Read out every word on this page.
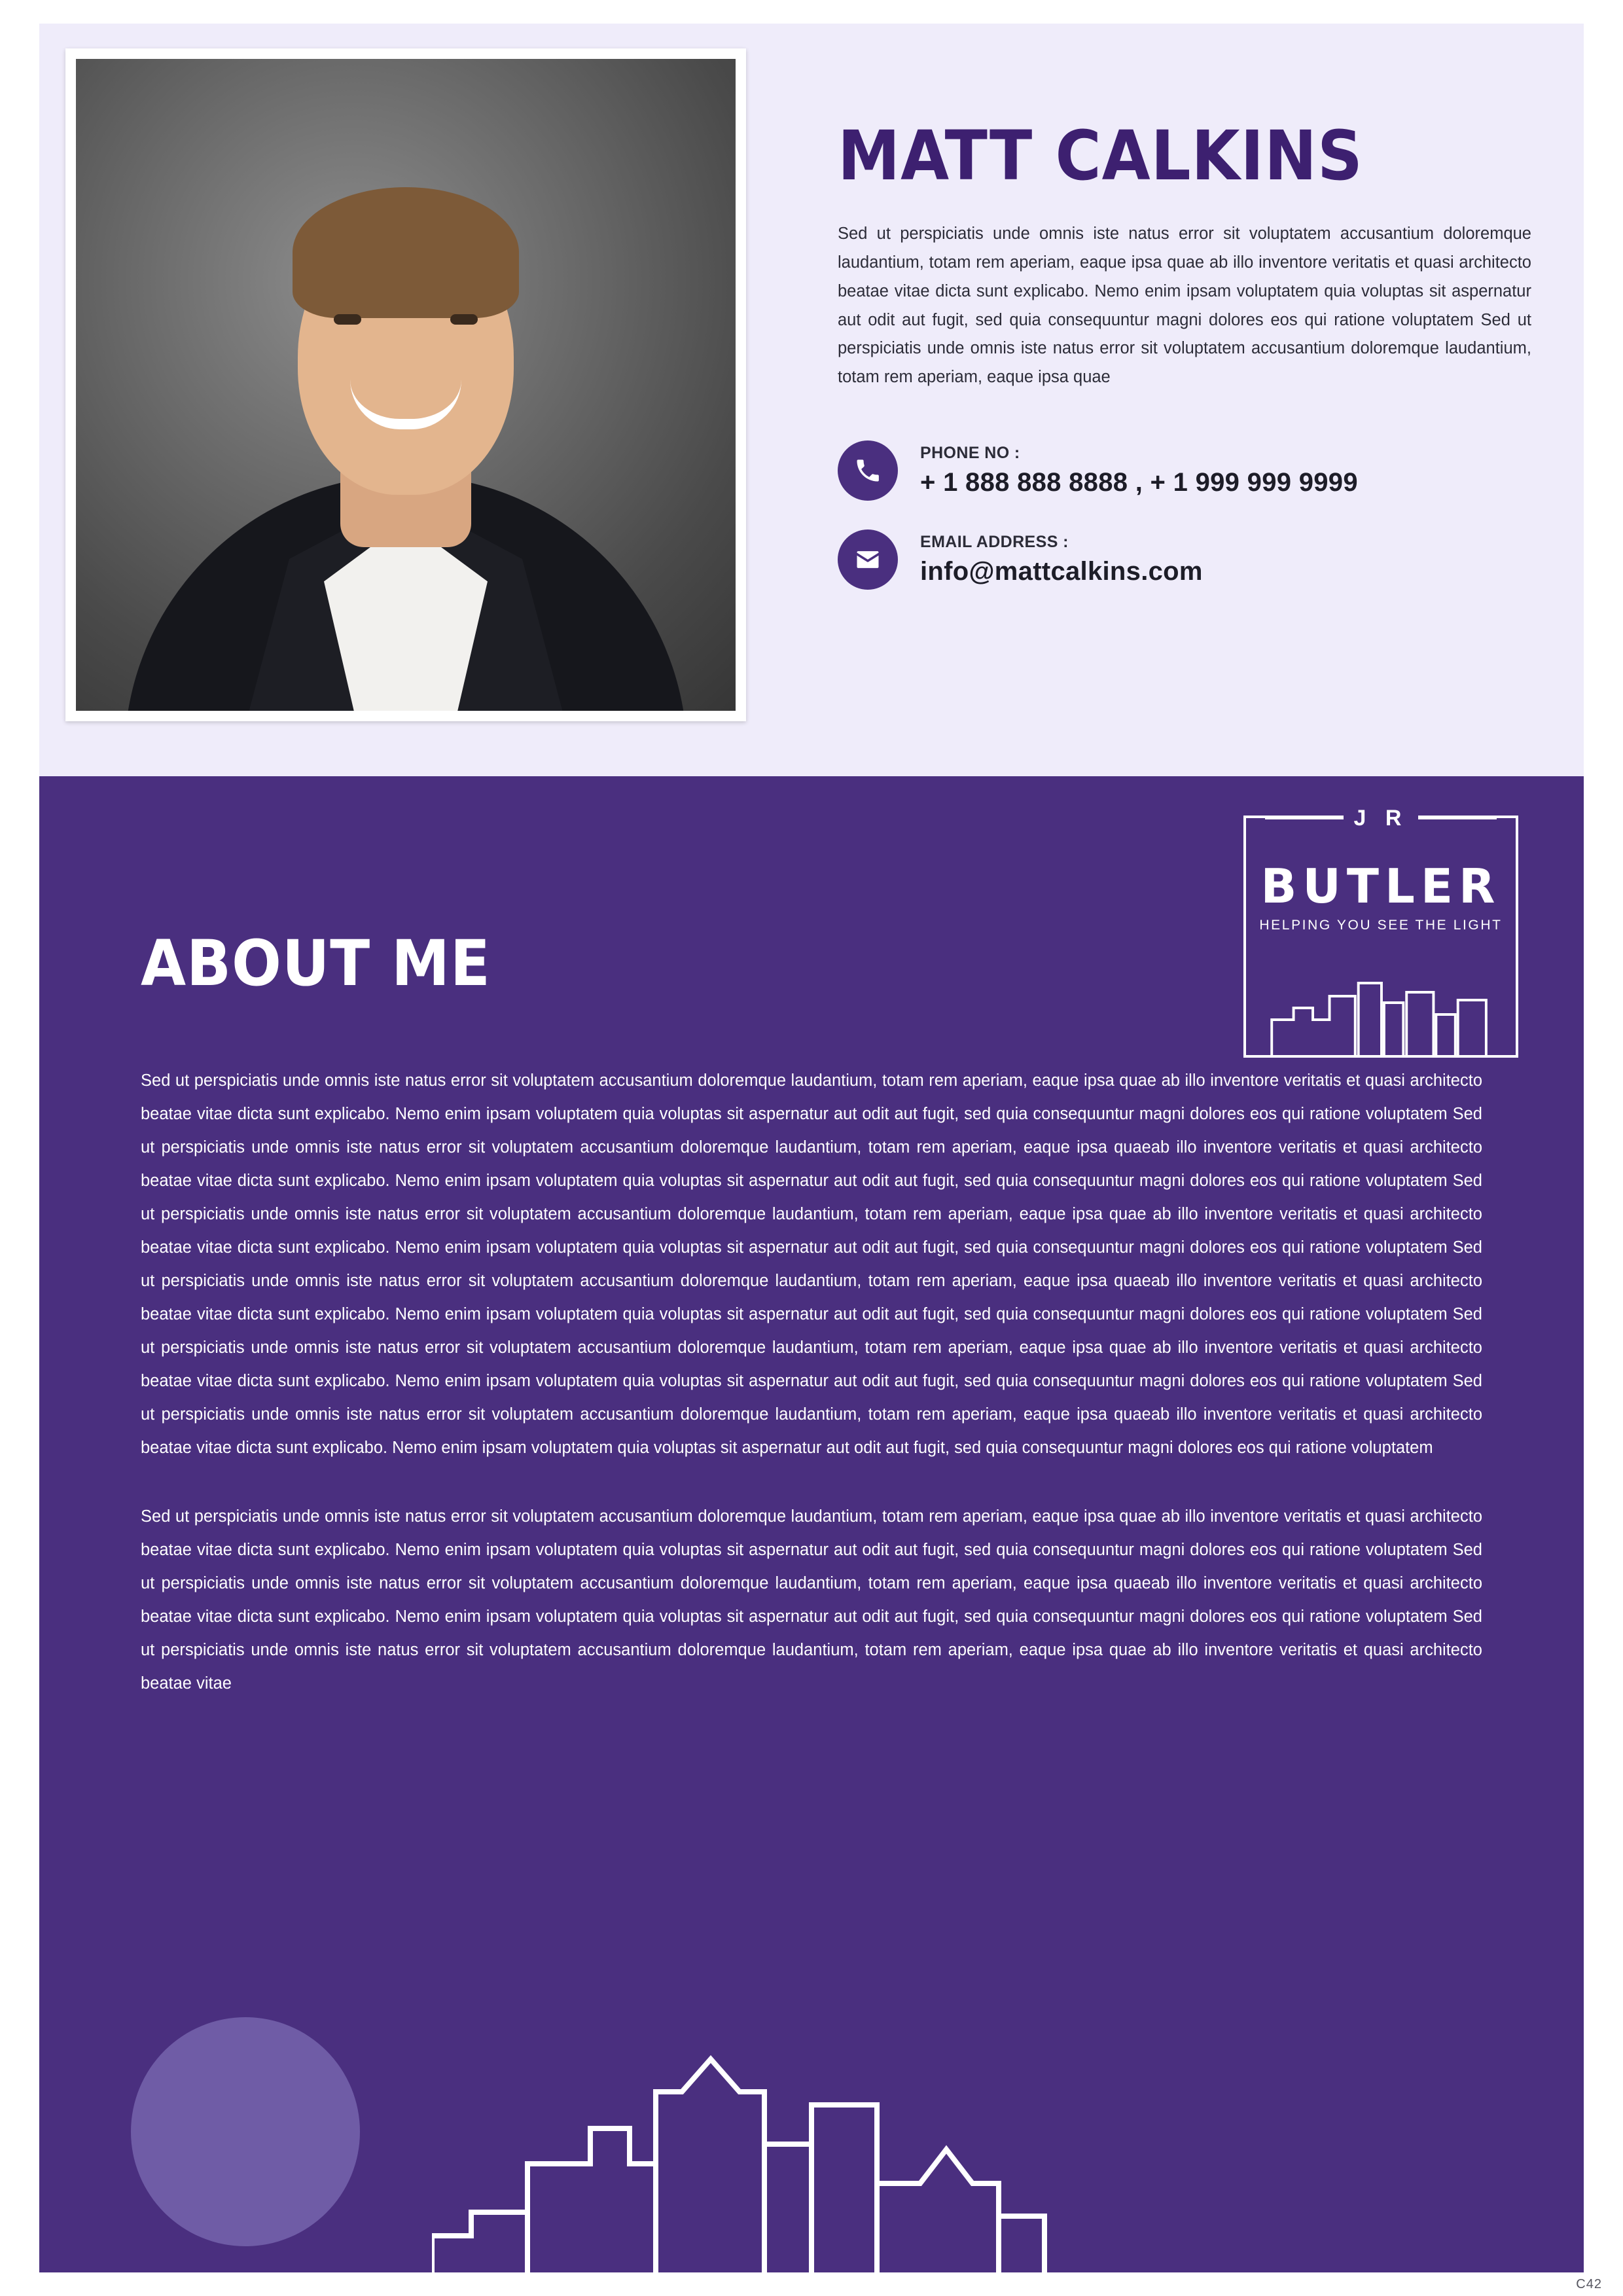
MATT CALKINS

Sed ut perspiciatis unde omnis iste natus error sit voluptatem accusantium doloremque laudantium, totam rem aperiam, eaque ipsa quae ab illo inventore veritatis et quasi architecto beatae vitae dicta sunt explicabo. Nemo enim ipsam voluptatem quia voluptas sit aspernatur aut odit aut fugit, sed quia consequuntur magni dolores eos qui ratione voluptatem Sed ut perspiciatis unde omnis iste natus error sit voluptatem accusantium doloremque laudantium, totam rem aperiam, eaque ipsa quae

PHONE NO :
+ 1 888 888 8888 , + 1 999 999 9999
EMAIL ADDRESS :
info@mattcalkins.com
ABOUT ME
J R
BUTLER
HELPING YOU SEE THE LIGHT

Sed ut perspiciatis unde omnis iste natus error sit voluptatem accusantium doloremque laudantium, totam rem aperiam, eaque ipsa quae ab illo inventore veritatis et quasi architecto beatae vitae dicta sunt explicabo. Nemo enim ipsam voluptatem quia voluptas sit aspernatur aut odit aut fugit, sed quia consequuntur magni dolores eos qui ratione voluptatem Sed ut perspiciatis unde omnis iste natus error sit voluptatem accusantium doloremque laudantium, totam rem aperiam, eaque ipsa quaeab illo inventore veritatis et quasi architecto beatae vitae dicta sunt explicabo. Nemo enim ipsam voluptatem quia voluptas sit aspernatur aut odit aut fugit, sed quia consequuntur magni dolores eos qui ratione voluptatem Sed ut perspiciatis unde omnis iste natus error sit voluptatem accusantium doloremque laudantium, totam rem aperiam, eaque ipsa quae ab illo inventore veritatis et quasi architecto beatae vitae dicta sunt explicabo. Nemo enim ipsam voluptatem quia voluptas sit aspernatur aut odit aut fugit, sed quia consequuntur magni dolores eos qui ratione voluptatem Sed ut perspiciatis unde omnis iste natus error sit voluptatem accusantium doloremque laudantium, totam rem aperiam, eaque ipsa quaeab illo inventore veritatis et quasi architecto beatae vitae dicta sunt explicabo. Nemo enim ipsam voluptatem quia voluptas sit aspernatur aut odit aut fugit, sed quia consequuntur magni dolores eos qui ratione voluptatem Sed ut perspiciatis unde omnis iste natus error sit voluptatem accusantium doloremque laudantium, totam rem aperiam, eaque ipsa quae ab illo inventore veritatis et quasi architecto beatae vitae dicta sunt explicabo. Nemo enim ipsam voluptatem quia voluptas sit aspernatur aut odit aut fugit, sed quia consequuntur magni dolores eos qui ratione voluptatem Sed ut perspiciatis unde omnis iste natus error sit voluptatem accusantium doloremque laudantium, totam rem aperiam, eaque ipsa quaeab illo inventore veritatis et quasi architecto beatae vitae dicta sunt explicabo. Nemo enim ipsam voluptatem quia voluptas sit aspernatur aut odit aut fugit, sed quia consequuntur magni dolores eos qui ratione voluptatem

Sed ut perspiciatis unde omnis iste natus error sit voluptatem accusantium doloremque laudantium, totam rem aperiam, eaque ipsa quae ab illo inventore veritatis et quasi architecto beatae vitae dicta sunt explicabo. Nemo enim ipsam voluptatem quia voluptas sit aspernatur aut odit aut fugit, sed quia consequuntur magni dolores eos qui ratione voluptatem Sed ut perspiciatis unde omnis iste natus error sit voluptatem accusantium doloremque laudantium, totam rem aperiam, eaque ipsa quaeab illo inventore veritatis et quasi architecto beatae vitae dicta sunt explicabo. Nemo enim ipsam voluptatem quia voluptas sit aspernatur aut odit aut fugit, sed quia consequuntur magni dolores eos qui ratione voluptatem Sed ut perspiciatis unde omnis iste natus error sit voluptatem accusantium doloremque laudantium, totam rem aperiam, eaque ipsa quae ab illo inventore veritatis et quasi architecto beatae vitae

C42
